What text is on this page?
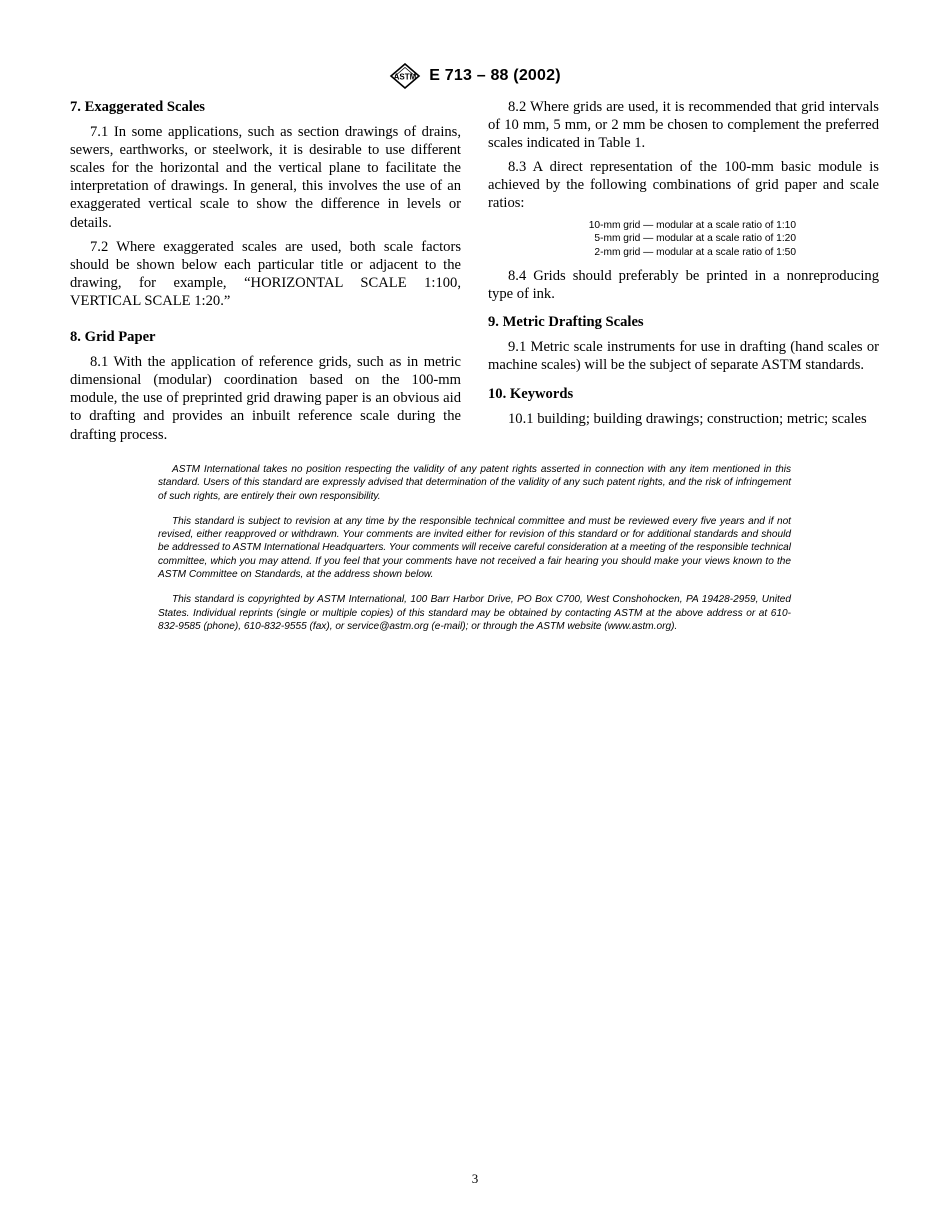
ASTM E 713 – 88 (2002)
7. Exaggerated Scales

7.1 In some applications, such as section drawings of drains, sewers, earthworks, or steelwork, it is desirable to use different scales for the horizontal and the vertical plane to facilitate the interpretation of drawings. In general, this involves the use of an exaggerated vertical scale to show the difference in levels or details.

7.2 Where exaggerated scales are used, both scale factors should be shown below each particular title or adjacent to the drawing, for example, “HORIZONTAL SCALE 1:100, VERTICAL SCALE 1:20.”

8. Grid Paper

8.1 With the application of reference grids, such as in metric dimensional (modular) coordination based on the 100-mm module, the use of preprinted grid drawing paper is an obvious aid to drafting and provides an inbuilt reference scale during the drafting process.

8.2 Where grids are used, it is recommended that grid intervals of 10 mm, 5 mm, or 2 mm be chosen to complement the preferred scales indicated in Table 1.

8.3 A direct representation of the 100-mm basic module is achieved by the following combinations of grid paper and scale ratios:

10-mm grid — modular at a scale ratio of 1:10
5-mm grid — modular at a scale ratio of 1:20
2-mm grid — modular at a scale ratio of 1:50

8.4 Grids should preferably be printed in a nonreproducing type of ink.

9. Metric Drafting Scales

9.1 Metric scale instruments for use in drafting (hand scales or machine scales) will be the subject of separate ASTM standards.

10. Keywords

10.1 building; building drawings; construction; metric; scales

ASTM International takes no position respecting the validity of any patent rights asserted in connection with any item mentioned in this standard. Users of this standard are expressly advised that determination of the validity of any such patent rights, and the risk of infringement of such rights, are entirely their own responsibility.

This standard is subject to revision at any time by the responsible technical committee and must be reviewed every five years and if not revised, either reapproved or withdrawn. Your comments are invited either for revision of this standard or for additional standards and should be addressed to ASTM International Headquarters. Your comments will receive careful consideration at a meeting of the responsible technical committee, which you may attend. If you feel that your comments have not received a fair hearing you should make your views known to the ASTM Committee on Standards, at the address shown below.

This standard is copyrighted by ASTM International, 100 Barr Harbor Drive, PO Box C700, West Conshohocken, PA 19428-2959, United States. Individual reprints (single or multiple copies) of this standard may be obtained by contacting ASTM at the above address or at 610-832-9585 (phone), 610-832-9555 (fax), or service@astm.org (e-mail); or through the ASTM website (www.astm.org).

3
